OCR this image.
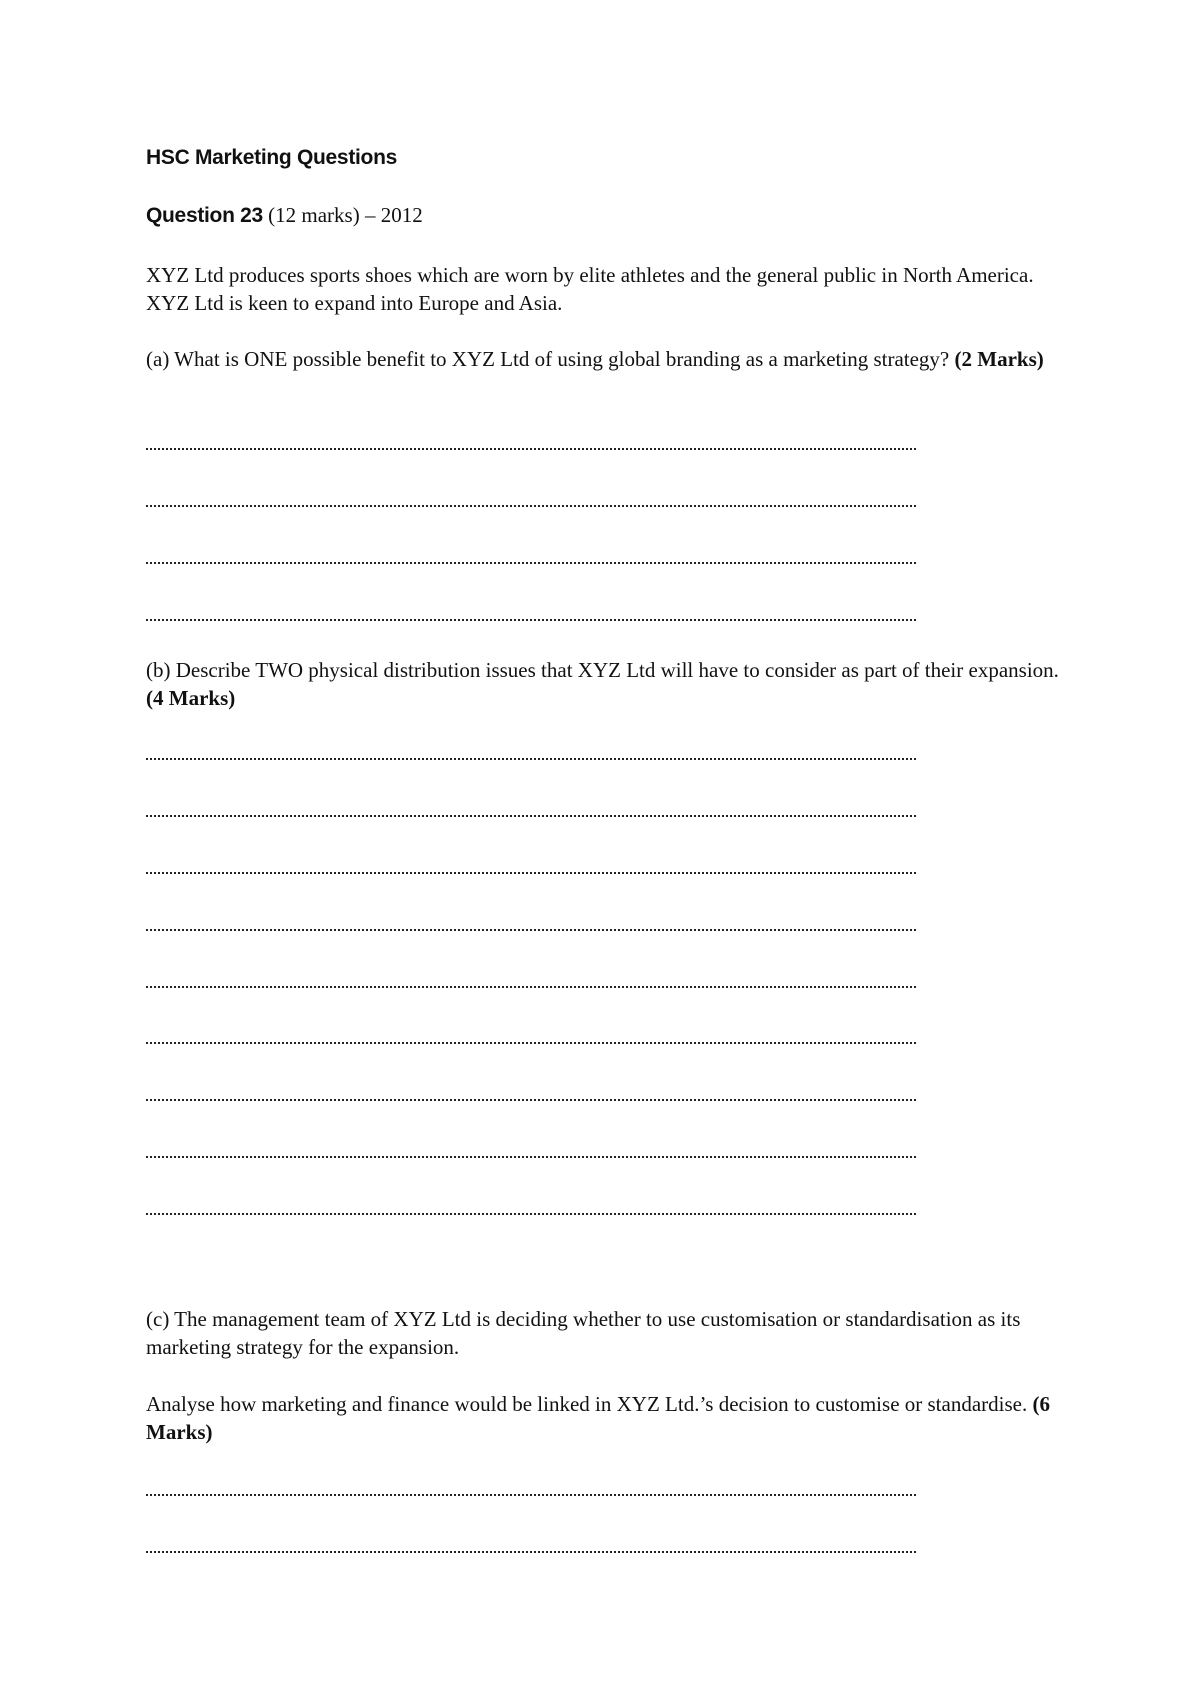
HSC Marketing Questions
Question 23 (12 marks) – 2012
XYZ Ltd produces sports shoes which are worn by elite athletes and the general public in North America. XYZ Ltd is keen to expand into Europe and Asia.
(a) What is ONE possible benefit to XYZ Ltd of using global branding as a marketing strategy? (2 Marks)
(b) Describe TWO physical distribution issues that XYZ Ltd will have to consider as part of their expansion. (4 Marks)
(c) The management team of XYZ Ltd is deciding whether to use customisation or standardisation as its marketing strategy for the expansion.
Analyse how marketing and finance would be linked in XYZ Ltd.’s decision to customise or standardise. (6 Marks)
